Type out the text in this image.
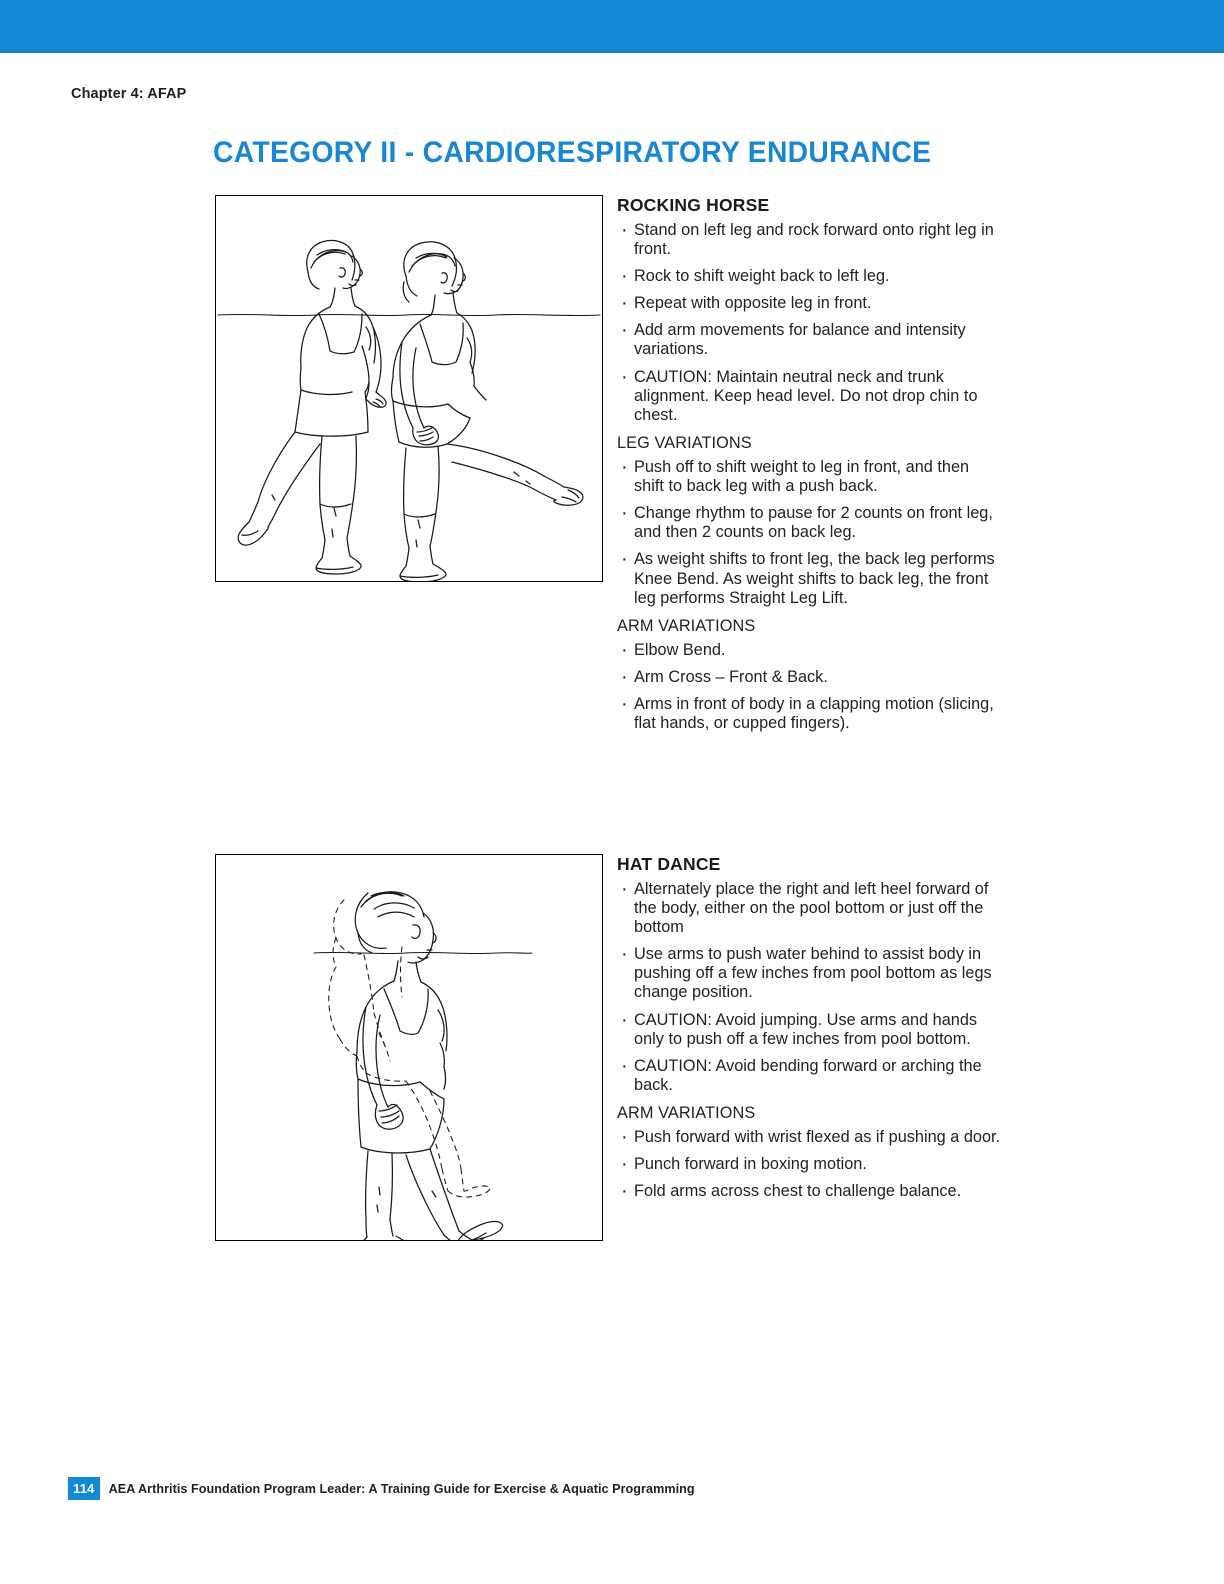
Chapter 4: AFAP
CATEGORY II - CARDIORESPIRATORY ENDURANCE
ROCKING HORSE
· Stand on left leg and rock forward onto right leg in front.
· Rock to shift weight back to left leg.
· Repeat with opposite leg in front.
· Add arm movements for balance and intensity variations.
· CAUTION: Maintain neutral neck and trunk alignment. Keep head level. Do not drop chin to chest.
LEG VARIATIONS
· Push off to shift weight to leg in front, and then shift to back leg with a push back.
· Change rhythm to pause for 2 counts on front leg, and then 2 counts on back leg.
· As weight shifts to front leg, the back leg performs Knee Bend. As weight shifts to back leg, the front leg performs Straight Leg Lift.
ARM VARIATIONS
· Elbow Bend.
· Arm Cross – Front & Back.
· Arms in front of body in a clapping motion (slicing, flat hands, or cupped fingers).
HAT DANCE
· Alternately place the right and left heel forward of the body, either on the pool bottom or just off the bottom
· Use arms to push water behind to assist body in pushing off a few inches from pool bottom as legs change position.
· CAUTION: Avoid jumping. Use arms and hands only to push off a few inches from pool bottom.
· CAUTION: Avoid bending forward or arching the back.
ARM VARIATIONS
· Push forward with wrist flexed as if pushing a door.
· Punch forward in boxing motion.
· Fold arms across chest to challenge balance.
114	AEA Arthritis Foundation Program Leader: A Training Guide for Exercise & Aquatic Programming
